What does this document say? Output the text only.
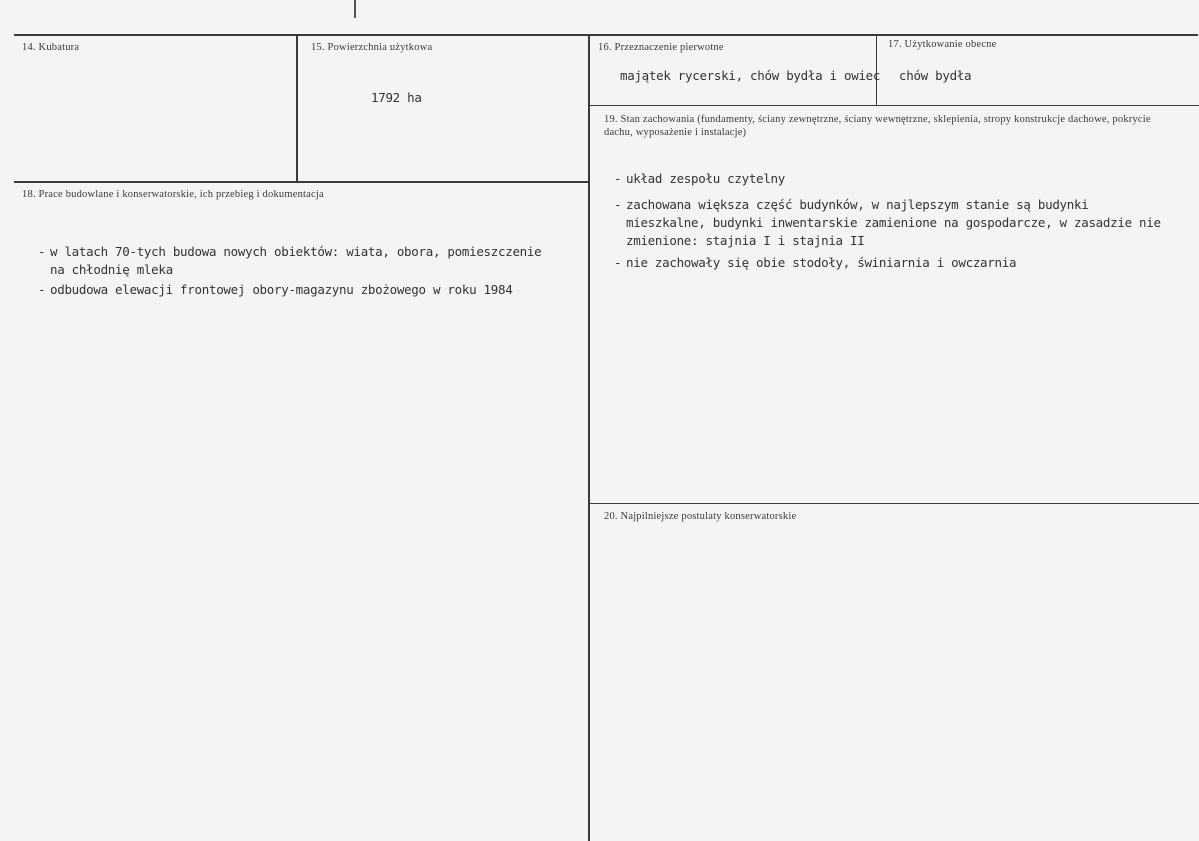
14. Kubatura	15. Powierzchnia użytkowa
1792 ha
16. Przeznaczenie pierwotne
majątek rycerski, chów bydła i owiec
17. Użytkowanie obecne
chów bydła
18. Prace budowlane i konserwatorskie, ich przebieg i dokumentacja
- w latach 70-tych budowa nowych obiektów: wiata, obora, pomieszczenie na chłodnię mleka
- odbudowa elewacji frontowej obory-magazynu zbożowego w roku 1984
19. Stan zachowania (fundamenty, ściany zewnętrzne, ściany wewnętrzne, sklepienia, stropy konstrukcje dachowe, pokrycie dachu, wyposażenie i instalacje)
- układ zespołu czytelny
- zachowana większa część budynków, w najlepszym stanie są budynki mieszkalne, budynki inwentarskie zamienione na gospodarcze, w zasadzie nie zmienione: stajnia I i stajnia II
- nie zachowały się obie stodoły, świniarnia i owczarnia
20. Najpilniejsze postulaty konserwatorskie
